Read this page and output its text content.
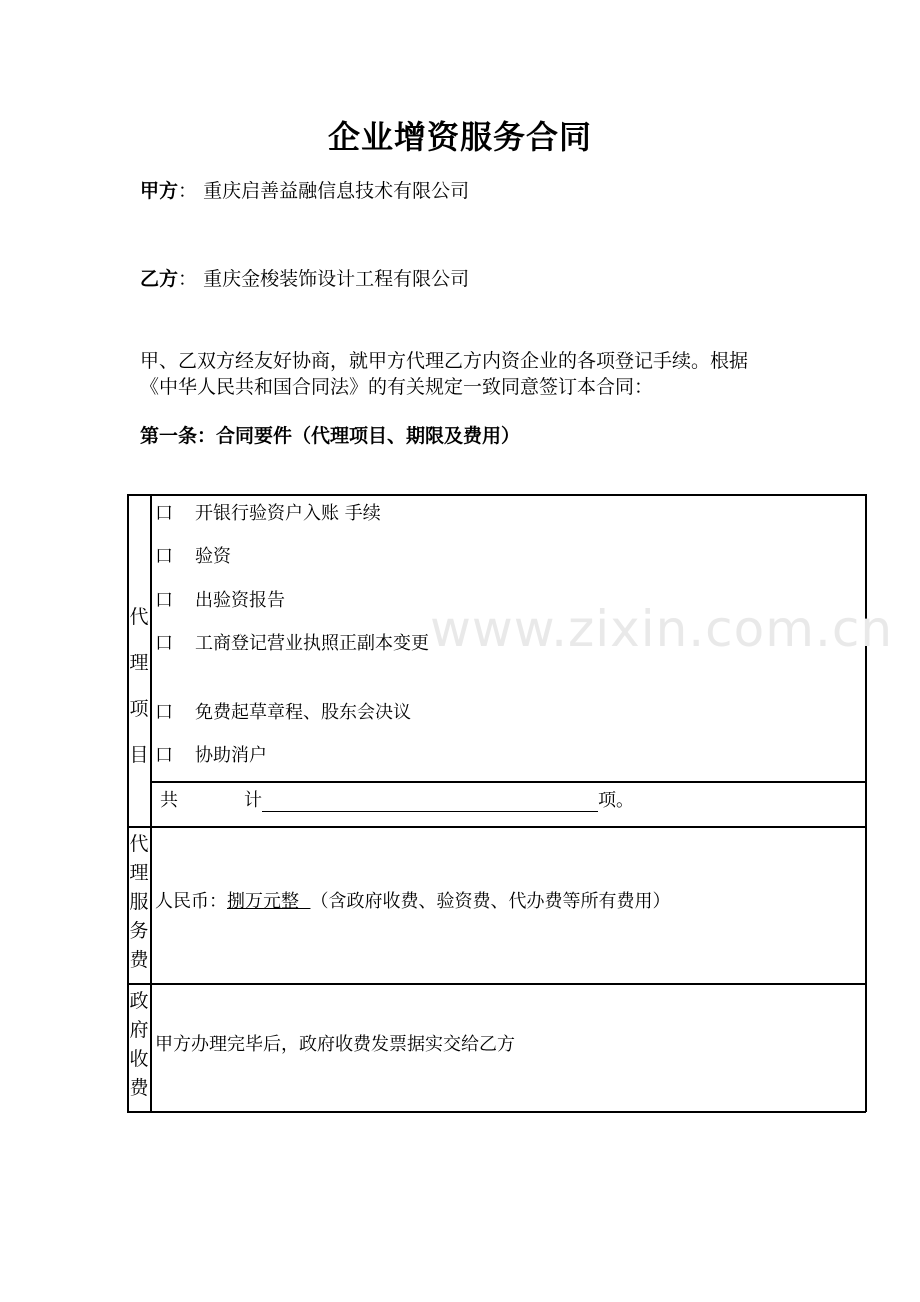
企业增资服务合同
甲方： 重庆启善益融信息技术有限公司
乙方： 重庆金梭装饰设计工程有限公司
甲、乙双方经友好协商，就甲方代理乙方内资企业的各项登记手续。根据
《中华人民共和国合同法》的有关规定一致同意签订本合同：
第一条：合同要件（代理项目、期限及费用）
代
理
项
目
口 开银行验资户入账 手续
口 验资
口 出验资报告
口 工商登记营业执照正副本变更
口 免费起草章程、股东会决议
口 协助消户
共	计	项。
代
理
服
务
费
人民币：捌万元整 （含政府收费、验资费、代办费等所有费用）
政
府
收
费
甲方办理完毕后，政府收费发票据实交给乙方
www.zixin.com.cn
